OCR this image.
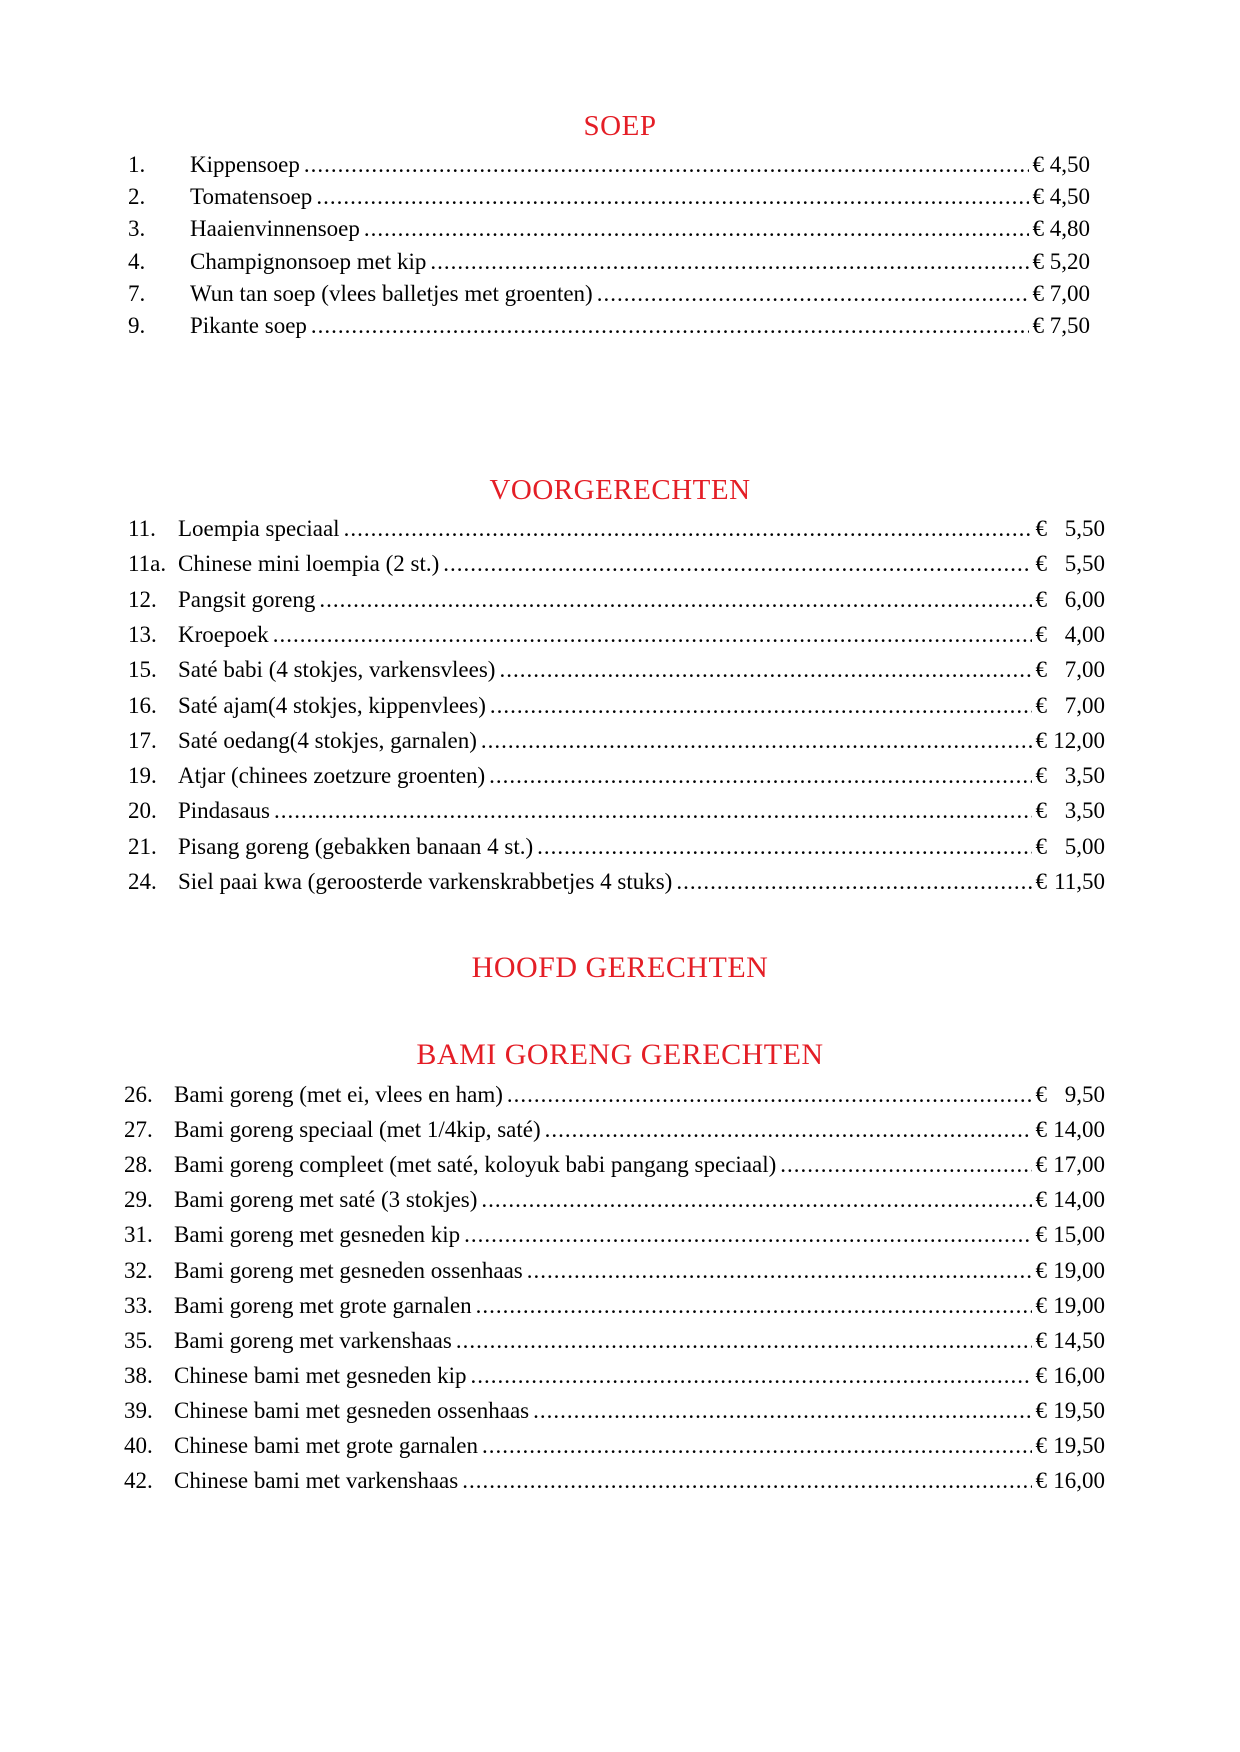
SOEP
1. Kippensoep .....	€ 4,50
2. Tomatensoep .....	€ 4,50
3. Haaienvinnensoep .....	€ 4,80
4. Champignonsoep met kip .....	€ 5,20
7. Wun tan soep (vlees balletjes met groenten) .....	€ 7,00
9. Pikante soep .....	€ 7,50
VOORGERECHTEN
11. Loempia speciaal .....	€ 5,50
11a. Chinese mini loempia (2 st.) .....	€ 5,50
12. Pangsit goreng .....	€ 6,00
13. Kroepoek .....	€ 4,00
15. Saté babi (4 stokjes, varkensvlees) .....	€ 7,00
16. Saté ajam(4 stokjes, kippenvlees) .....	€ 7,00
17. Saté oedang(4 stokjes, garnalen) .....	€ 12,00
19. Atjar (chinees zoetzure groenten) .....	€ 3,50
20. Pindasaus .....	€ 3,50
21. Pisang goreng (gebakken banaan 4 st.) .....	€ 5,00
24. Siel paai kwa (geroosterde varkenskrabbetjes 4 stuks) .....	€ 11,50
HOOFD GERECHTEN
BAMI GORENG GERECHTEN
26. Bami goreng (met ei, vlees en ham) .....	€ 9,50
27. Bami goreng speciaal (met 1/4kip, saté) .....	€ 14,00
28. Bami goreng compleet (met saté, koloyuk babi pangang speciaal) .....	€ 17,00
29. Bami goreng met saté (3 stokjes) .....	€ 14,00
31. Bami goreng met gesneden kip .....	€ 15,00
32. Bami goreng met gesneden ossenhaas .....	€ 19,00
33. Bami goreng met grote garnalen .....	€ 19,00
35. Bami goreng met varkenshaas .....	€ 14,50
38. Chinese bami met gesneden kip .....	€ 16,00
39. Chinese bami met gesneden ossenhaas .....	€ 19,50
40. Chinese bami met grote garnalen .....	€ 19,50
42. Chinese bami met varkenshaas .....	€ 16,00
